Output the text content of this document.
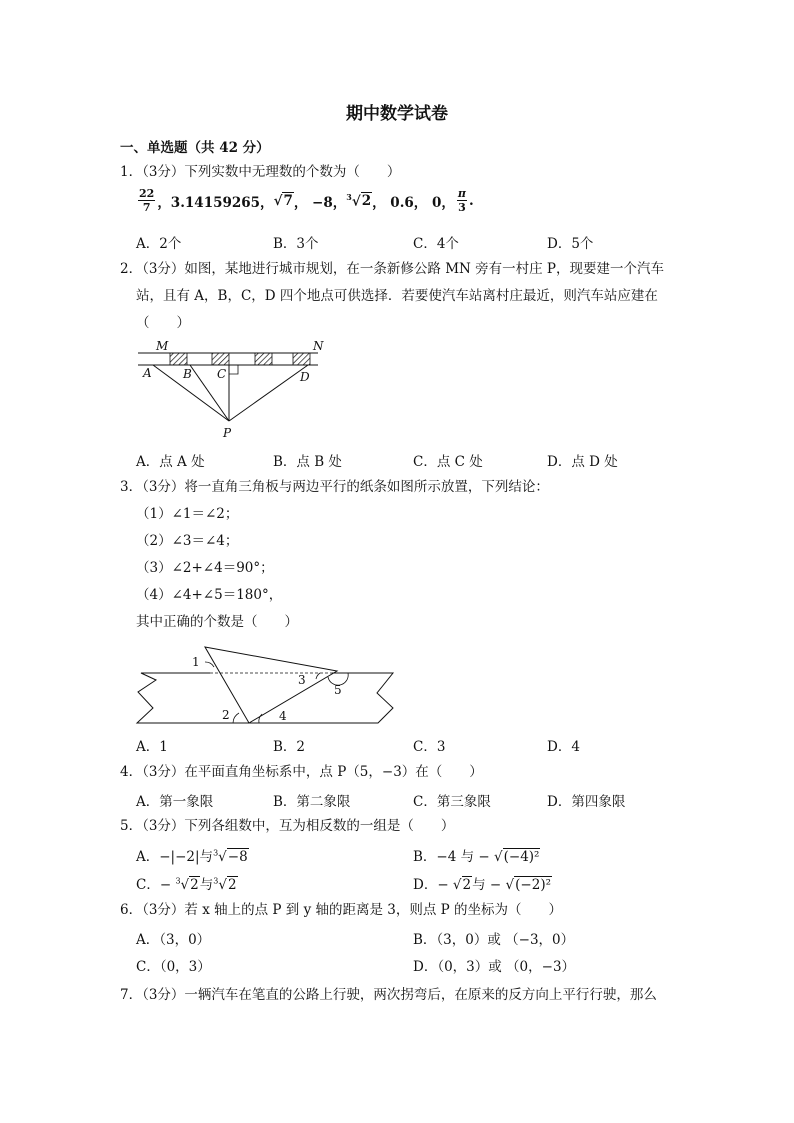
期中数学试卷
一、单选题（共 42 分）
1．（3分）下列实数中无理数的个数为（　　）
$\frac{22}{7}$ ，3.14159265， √7 ， −8， $^3$√2 ， 0.6， 0， $\frac{\pi}{3}$ .
A．2个	B．3个	C．4个	D．5个
2．（3分）如图，某地进行城市规划，在一条新修公路 MN 旁有一村庄 P，现要建一个汽车
站，且有 A，B，C，D 四个地点可供选择．若要使汽车站离村庄最近，则汽车站应建在
（　　）
M	N
A	B C	D
P
1
2
3
4
5
A．点 A 处	B．点 B 处	C．点 C 处	D．点 D 处
3．（3分）将一直角三角板与两边平行的纸条如图所示放置，下列结论：
（1）∠1＝∠2；
（2）∠3＝∠4；
（3）∠2+∠4＝90°；
（4）∠4+∠5＝180°，
其中正确的个数是（　　）
A．1	B．2	C．3	D．4
4．（3分）在平面直角坐标系中，点 P（5，−3）在（　　）
A．第一象限	B．第二象限	C．第三象限	D．第四象限
5．（3分）下列各组数中，互为相反数的一组是（　　）
A．−|−2|与$^3$√−8	B．−4 与 − √(−4)²
C．− $^3$√2与$^3$√2	D．− √2与 − √(−2)²
6．（3分）若 x 轴上的点 P 到 y 轴的距离是 3，则点 P 的坐标为（　　）
A．（3，0）	B．（3，0）或 （−3，0）
C．（0，3）	D．（0，3）或 （0，−3）
7．（3分）一辆汽车在笔直的公路上行驶，两次拐弯后，在原来的反方向上平行行驶，那么
